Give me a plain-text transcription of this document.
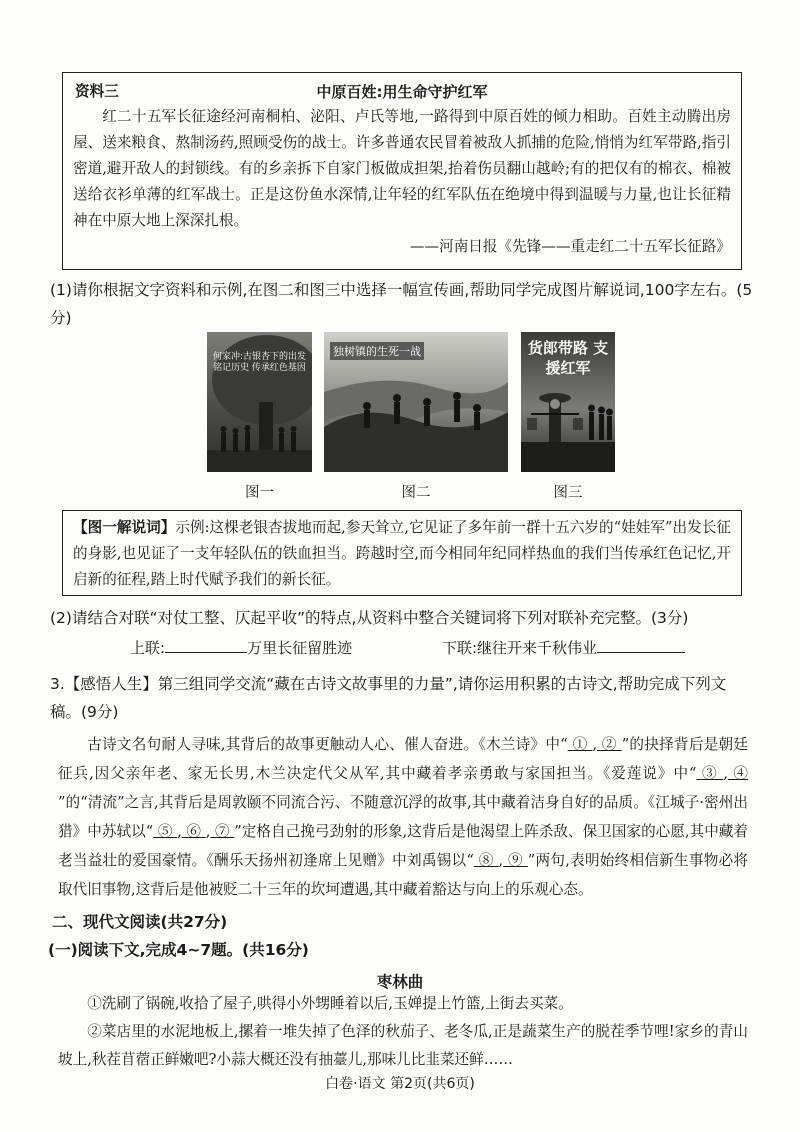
资料三	中原百姓:用生命守护红军
红二十五军长征途经河南桐柏、泌阳、卢氏等地,一路得到中原百姓的倾力相助。百姓主动腾出房屋、送来粮食、熬制汤药,照顾受伤的战士。许多普通农民冒着被敌人抓捕的危险,悄悄为红军带路,指引密道,避开敌人的封锁线。有的乡亲拆下自家门板做成担架,抬着伤员翻山越岭;有的把仅有的棉衣、棉被送给衣衫单薄的红军战士。正是这份鱼水深情,让年轻的红军队伍在绝境中得到温暖与力量,也让长征精神在中原大地上深深扎根。
——河南日报《先锋——重走红二十五军长征路》
(1)请你根据文字资料和示例,在图二和图三中选择一幅宣传画,帮助同学完成图片解说词,100字左右。(5分)
何家冲:古银杏下的出发 铭记历史 传承红色基因
图一
独树镇的生死一战
图二
货郎带路 支援红军
图三
【图一解说词】示例:这棵老银杏拔地而起,参天耸立,它见证了多年前一群十五六岁的“娃娃军”出发长征的身影,也见证了一支年轻队伍的铁血担当。跨越时空,而今相同年纪同样热血的我们当传承红色记忆,开启新的征程,踏上时代赋予我们的新长征。
(2)请结合对联“对仗工整、仄起平收”的特点,从资料中整合关键词将下列对联补充完整。(3分)
上联:	万里长征留胜迹	下联:继往开来千秋伟业
3.【感悟人生】第三组同学交流“藏在古诗文故事里的力量”,请你运用积累的古诗文,帮助完成下列文稿。(9分)
古诗文名句耐人寻味,其背后的故事更触动人心、催人奋进。《木兰诗》中“ ① , ② ”的抉择背后是朝廷征兵,因父亲年老、家无长男,木兰决定代父从军,其中藏着孝亲勇敢与家国担当。《爱莲说》中“ ③ , ④ ”的“清流”之言,其背后是周敦颐不同流合污、不随意沉浮的故事,其中藏着洁身自好的品质。《江城子·密州出猎》中苏轼以“ ⑤ , ⑥ , ⑦ ”定格自己挽弓劲射的形象,这背后是他渴望上阵杀敌、保卫国家的心愿,其中藏着老当益壮的爱国豪情。《酬乐天扬州初逢席上见赠》中刘禹锡以“ ⑧ , ⑨ ”两句,表明始终相信新生事物必将取代旧事物,这背后是他被贬二十三年的坎坷遭遇,其中藏着豁达与向上的乐观心态。
二、现代文阅读(共27分)
(一)阅读下文,完成4~7题。(共16分)
枣林曲
①洗刷了锅碗,收拾了屋子,哄得小外甥睡着以后,玉婵提上竹篮,上街去买菜。
②菜店里的水泥地板上,摞着一堆失掉了色泽的秋茄子、老冬瓜,正是蔬菜生产的脱茬季节哩!家乡的青山坡上,秋茬苜蓿正鲜嫩吧?小蒜大概还没有抽薹儿,那味儿比韭菜还鲜……
白卷·语文 第2页(共6页)
